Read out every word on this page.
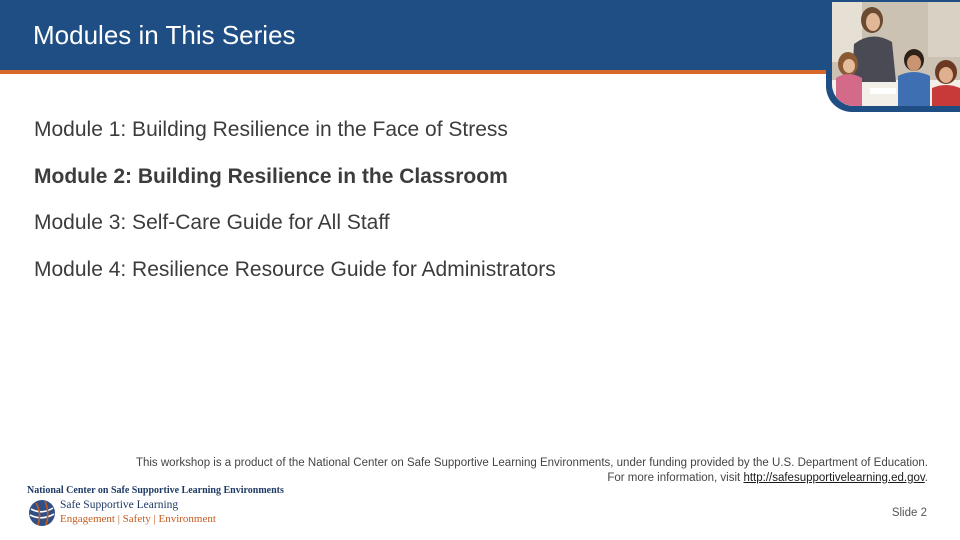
Modules in This Series
Module 1: Building Resilience in the Face of Stress
Module 2: Building Resilience in the Classroom
Module 3: Self-Care Guide for All Staff
Module 4: Resilience Resource Guide for Administrators
This workshop is a product of the National Center on Safe Supportive Learning Environments, under funding provided by the U.S. Department of Education.
For more information, visit http://safesupportivelearning.ed.gov.
National Center on Safe Supportive Learning Environments
Safe Supportive Learning
Engagement | Safety | Environment	Slide 2
